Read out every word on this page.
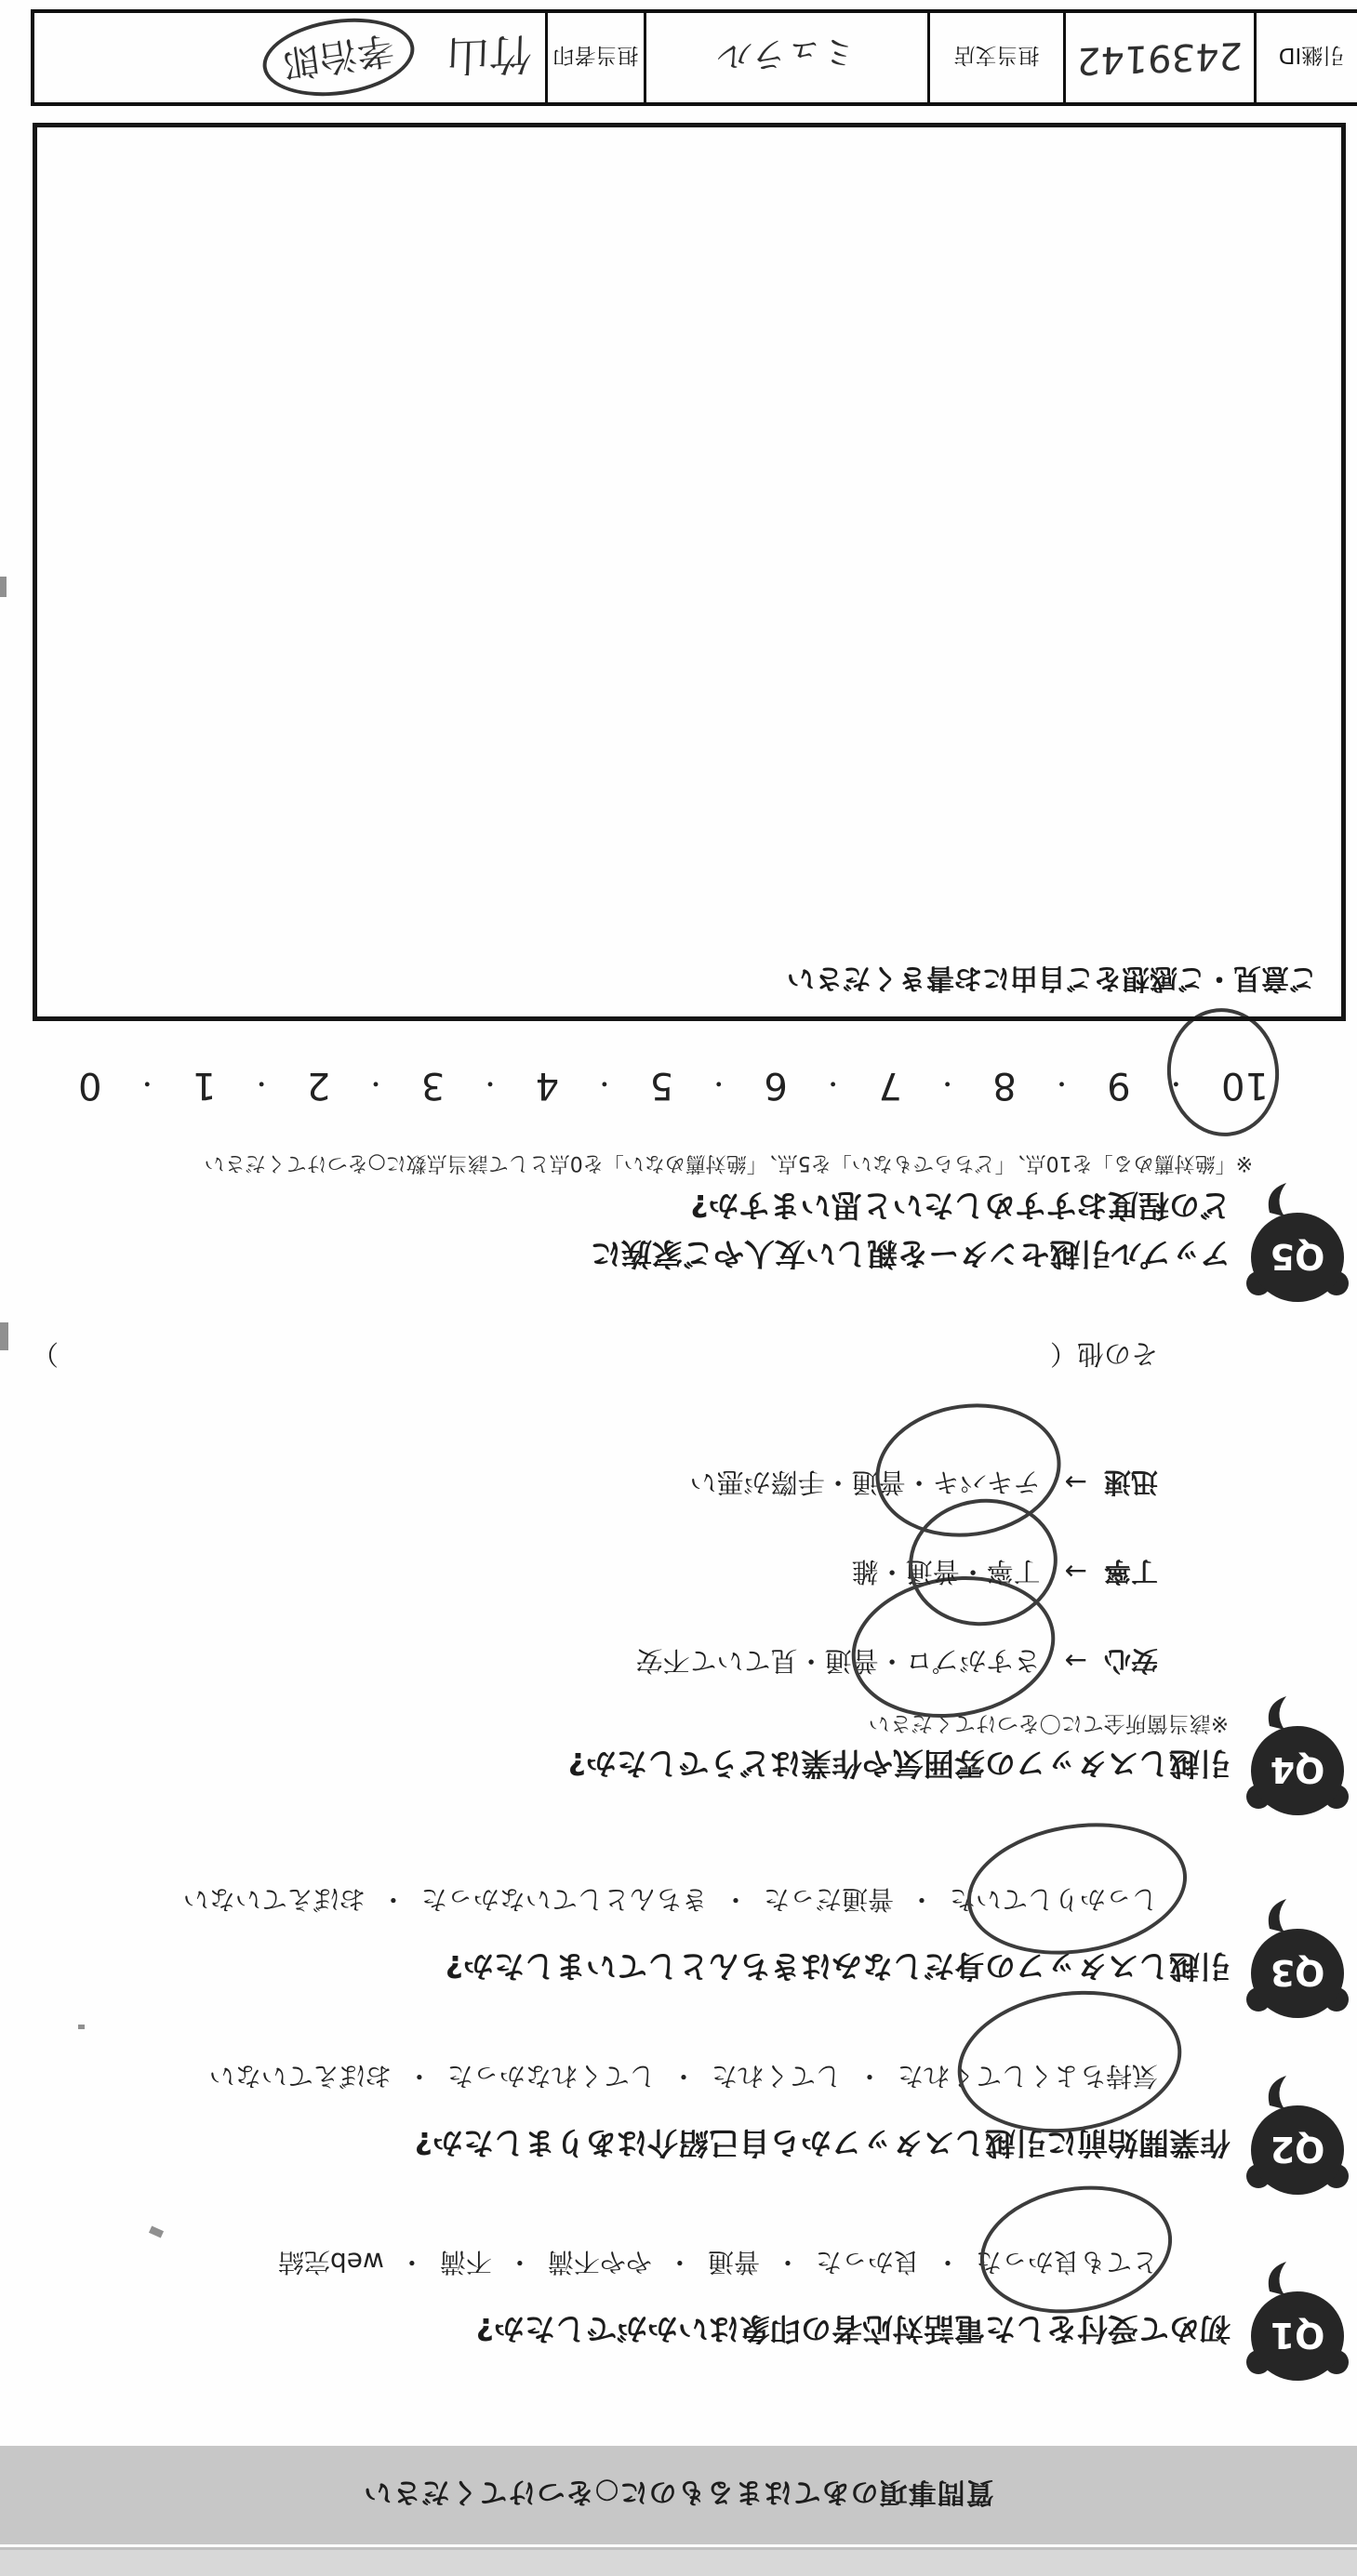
質問事項のあてはまるものに○をつけてください
Q1
初めて受付をした電話対応者の印象はいかがでしたか?
とても良かった・良かった・普通・やや不満・不満・web完結
Q2
作業開始前に引越しスタッフから自己紹介はありましたか?
気持ちよくしてくれた・してくれた・してくれなかった・おぼえていない
Q3
引越しスタッフの身だしなみはきちんとしていましたか?
しっかりしていた・普通だった・きちんとしていなかった・おぼえていない
Q4
引越しスタッフの雰囲気や作業はどうでしたか?
※該当箇所全てに〇をつけてください
安心→さすがプロ・普通・見ていて不安
丁寧→丁寧・普通・雑
迅速→テキパキ・普通・手際が悪い
その他（
）
Q5
アップル引越センターを親しい友人やご家族に
どの程度おすすめしたいと思いますか?
※「絶対薦める」を10点、「どちらでもない」を5点、「絶対薦めない」を0点として該当点数に○をつけてください
10
・
9
・
8
・
7
・
6
・
5
・
4
・
3
・
2
・
1
・
0
ご意見・ご感想をご自由にお書きください
引継ID
2439142
担当支店
ミュラル
担当者印
竹山
孝治郎
